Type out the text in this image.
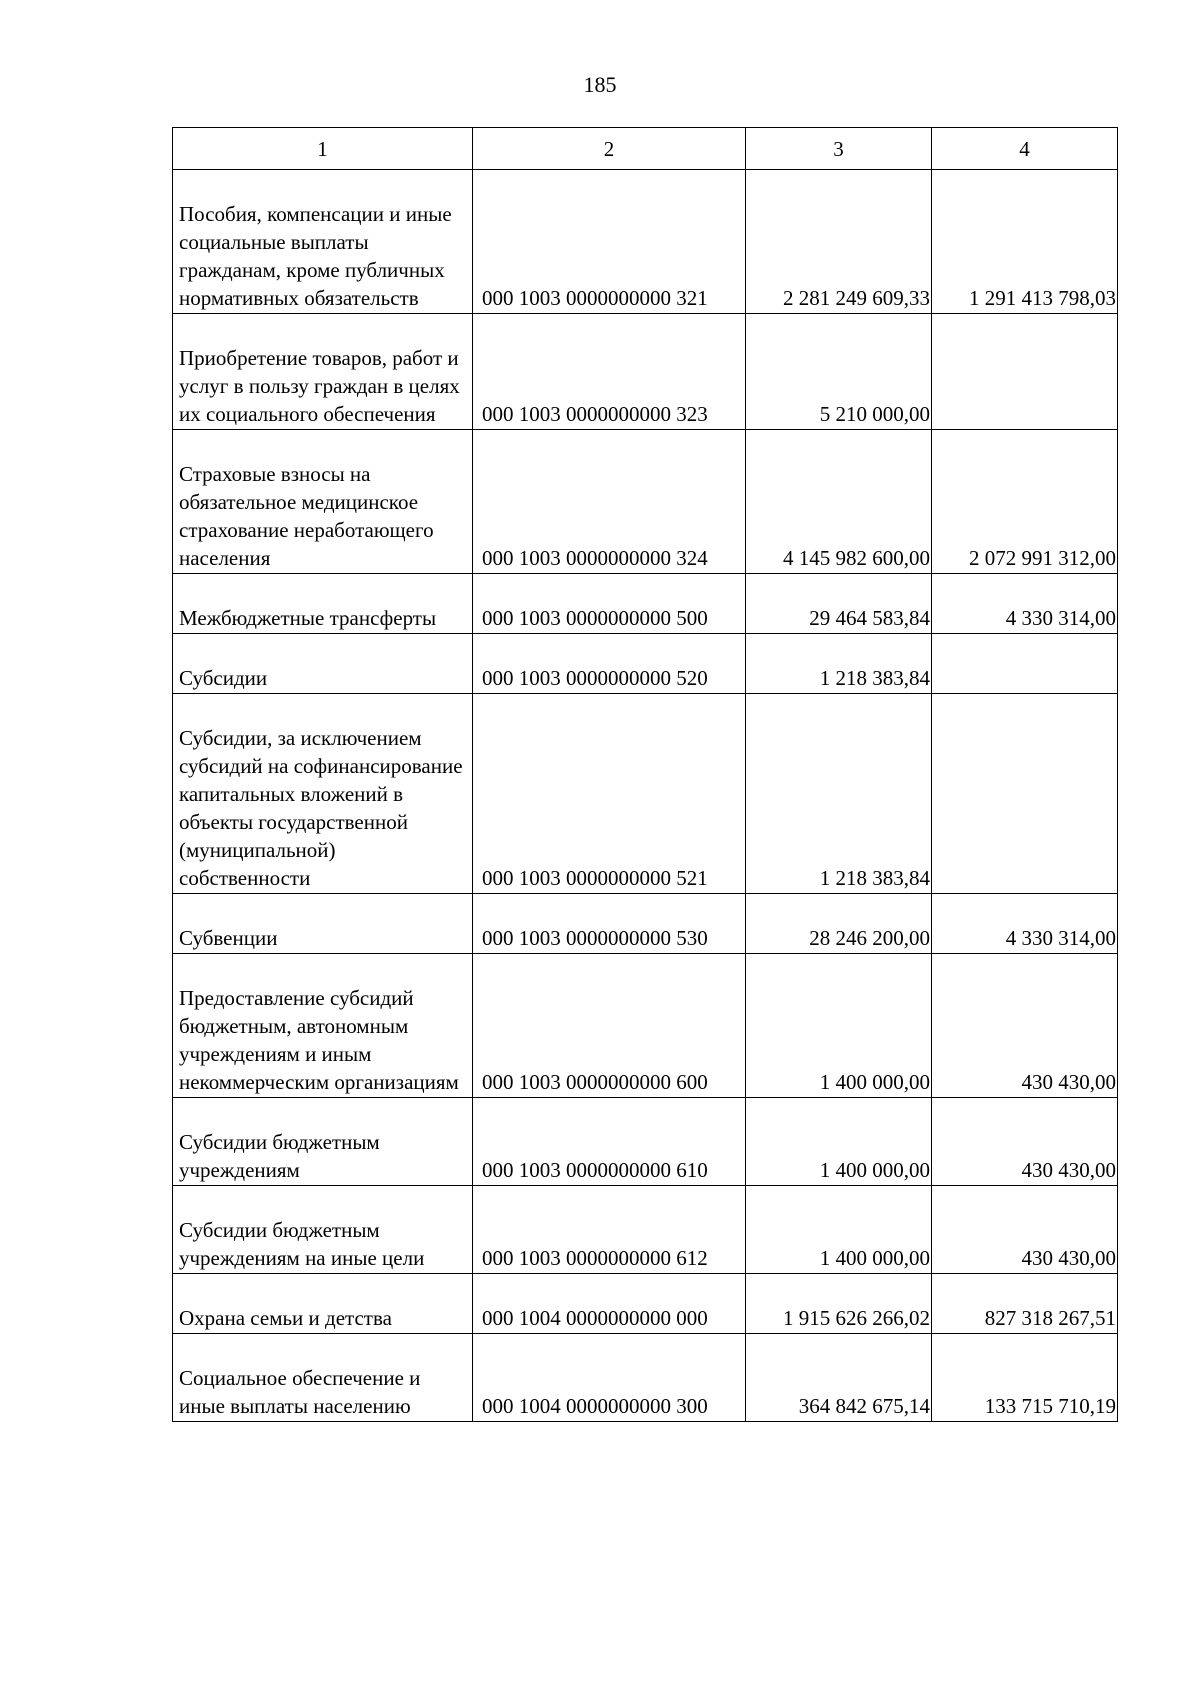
185
1	2	3	4
Пособия, компенсации и иные социальные выплаты гражданам, кроме публичных нормативных обязательств	000 1003 0000000000 321	2 281 249 609,33	1 291 413 798,03
Приобретение товаров, работ и услуг в пользу граждан в целях их социального обеспечения	000 1003 0000000000 323	5 210 000,00	
Страховые взносы на обязательное медицинское страхование неработающего населения	000 1003 0000000000 324	4 145 982 600,00	2 072 991 312,00
Межбюджетные трансферты	000 1003 0000000000 500	29 464 583,84	4 330 314,00
Субсидии	000 1003 0000000000 520	1 218 383,84	
Субсидии, за исключением субсидий на софинансирование капитальных вложений в объекты государственной (муниципальной) собственности	000 1003 0000000000 521	1 218 383,84	
Субвенции	000 1003 0000000000 530	28 246 200,00	4 330 314,00
Предоставление субсидий бюджетным, автономным учреждениям и иным некоммерческим организациям	000 1003 0000000000 600	1 400 000,00	430 430,00
Субсидии бюджетным учреждениям	000 1003 0000000000 610	1 400 000,00	430 430,00
Субсидии бюджетным учреждениям на иные цели	000 1003 0000000000 612	1 400 000,00	430 430,00
Охрана семьи и детства	000 1004 0000000000 000	1 915 626 266,02	827 318 267,51
Социальное обеспечение и иные выплаты населению	000 1004 0000000000 300	364 842 675,14	133 715 710,19
